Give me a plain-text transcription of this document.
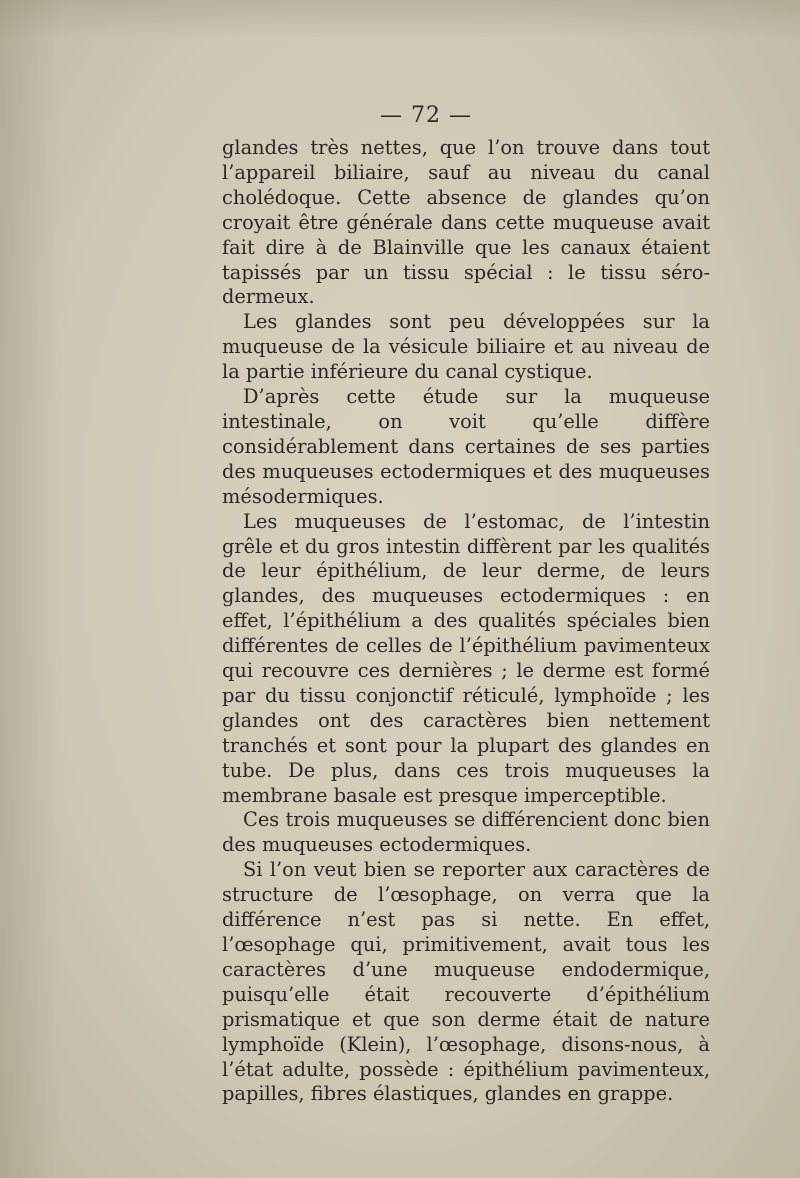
— 72 —

glandes très nettes, que l’on trouve dans tout l’appareil biliaire, sauf au niveau du canal cholédoque. Cette absence de glandes qu’on croyait être générale dans cette muqueuse avait fait dire à de Blainville que les canaux étaient tapissés par un tissu spécial : le tissu séro-dermeux.

Les glandes sont peu développées sur la muqueuse de la vésicule biliaire et au niveau de la partie inférieure du canal cystique.

D’après cette étude sur la muqueuse intestinale, on voit qu’elle diffère considérablement dans certaines de ses parties des muqueuses ectodermiques et des muqueuses mésodermiques.

Les muqueuses de l’estomac, de l’intestin grêle et du gros intestin diffèrent par les qualités de leur épithélium, de leur derme, de leurs glandes, des muqueuses ectodermiques : en effet, l’épithélium a des qualités spéciales bien différentes de celles de l’épithélium pavimenteux qui recouvre ces dernières ; le derme est formé par du tissu conjonctif réticulé, lymphoïde ; les glandes ont des caractères bien nettement tranchés et sont pour la plupart des glandes en tube. De plus, dans ces trois muqueuses la membrane basale est presque imperceptible.

Ces trois muqueuses se différencient donc bien des muqueuses ectodermiques.

Si l’on veut bien se reporter aux caractères de structure de l’œsophage, on verra que la différence n’est pas si nette. En effet, l’œsophage qui, primitivement, avait tous les caractères d’une muqueuse endodermique, puisqu’elle était recouverte d’épithélium prismatique et que son derme était de nature lymphoïde (Klein), l’œsophage, disons-nous, à l’état adulte, possède : épithélium pavimenteux, papilles, fibres élastiques, glandes en grappe.
